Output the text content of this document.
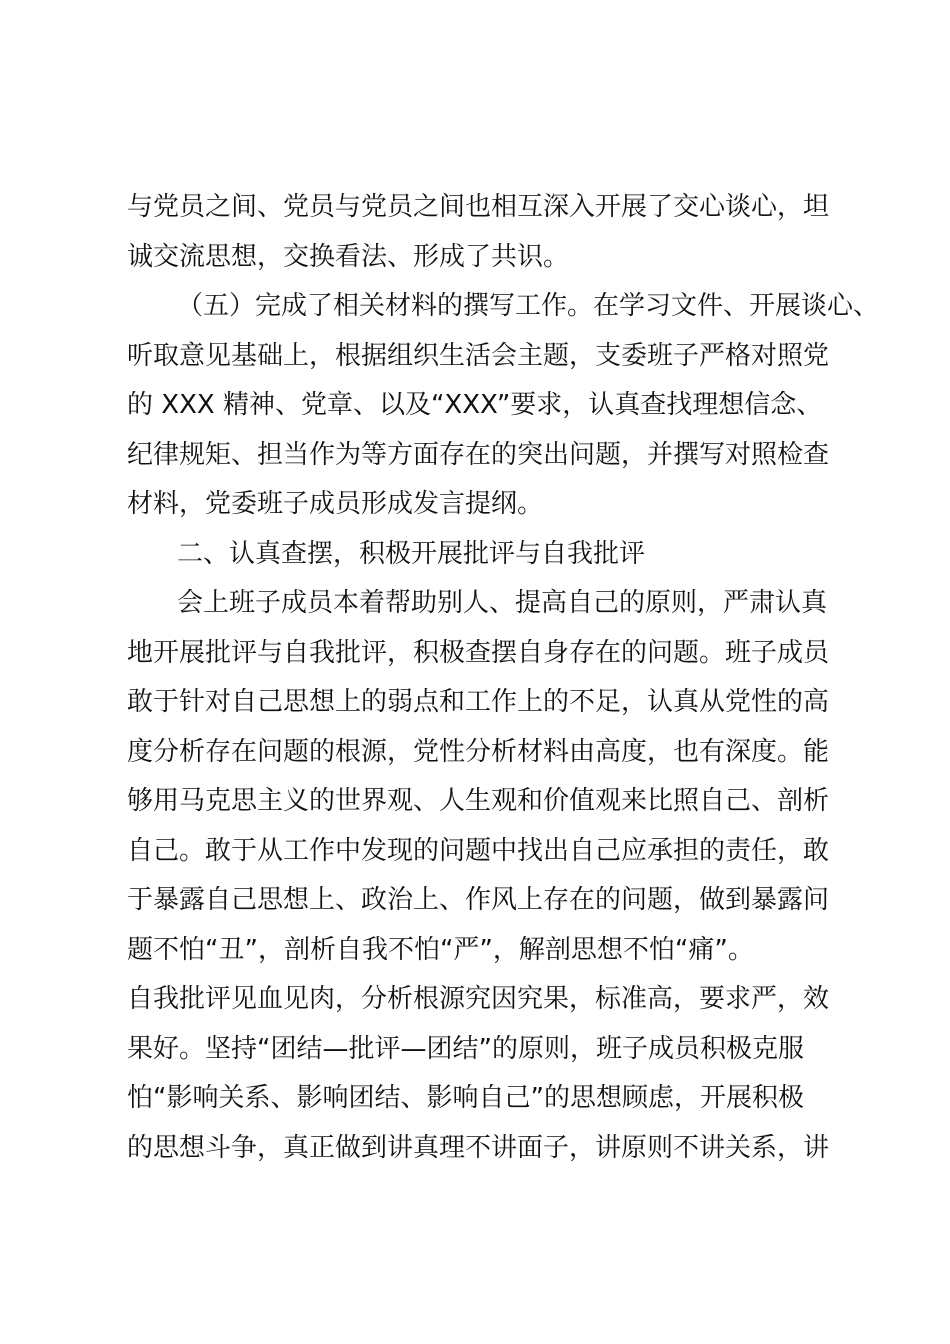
与党员之间、党员与党员之间也相互深入开展了交心谈心，坦
诚交流思想，交换看法、形成了共识。
（五）完成了相关材料的撰写工作。在学习文件、开展谈心、
听取意见基础上，根据组织生活会主题，支委班子严格对照党
的 XXX 精神、党章、以及“XXX”要求，认真查找理想信念、
纪律规矩、担当作为等方面存在的突出问题，并撰写对照检查
材料，党委班子成员形成发言提纲。
二、认真查摆，积极开展批评与自我批评
会上班子成员本着帮助别人、提高自己的原则，严肃认真
地开展批评与自我批评，积极查摆自身存在的问题。班子成员
敢于针对自己思想上的弱点和工作上的不足，认真从党性的高
度分析存在问题的根源，党性分析材料由高度，也有深度。能
够用马克思主义的世界观、人生观和价值观来比照自己、剖析
自己。敢于从工作中发现的问题中找出自己应承担的责任，敢
于暴露自己思想上、政治上、作风上存在的问题，做到暴露问
题不怕“丑”，剖析自我不怕“严”，解剖思想不怕“痛”。
自我批评见血见肉，分析根源究因究果，标准高，要求严，效
果好。坚持“团结—批评—团结”的原则，班子成员积极克服
怕“影响关系、影响团结、影响自己”的思想顾虑，开展积极
的思想斗争，真正做到讲真理不讲面子，讲原则不讲关系，讲
